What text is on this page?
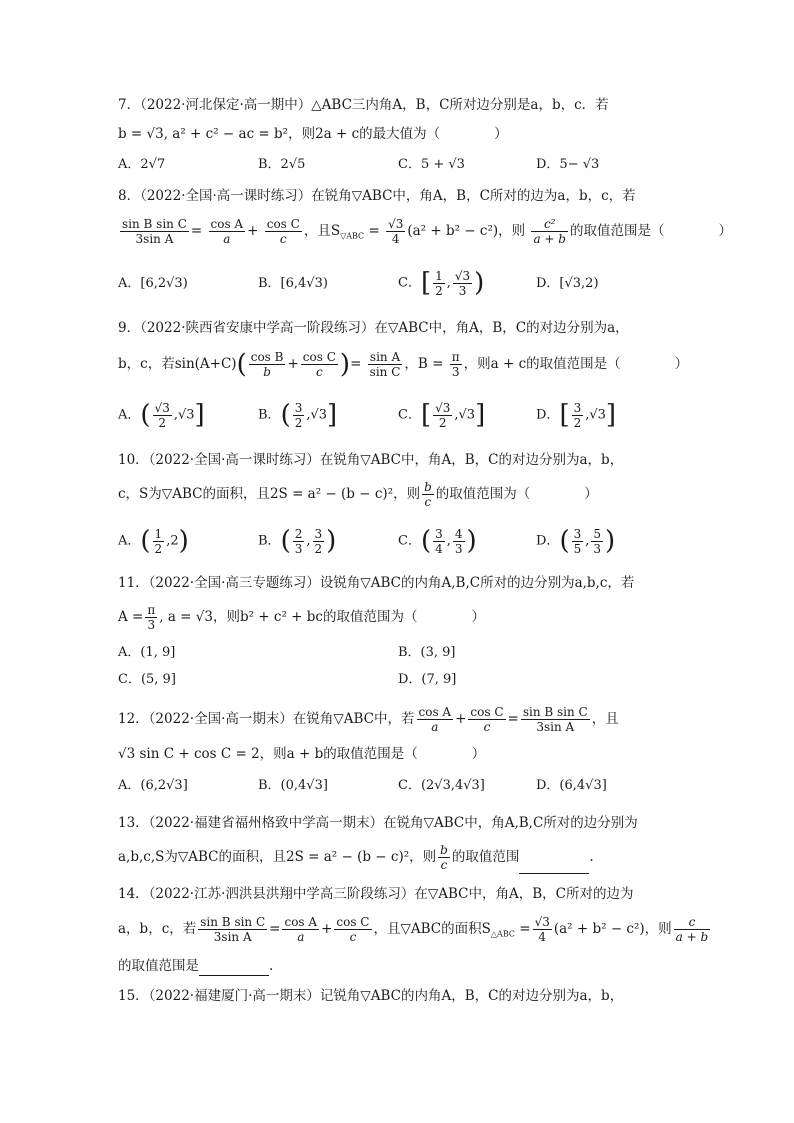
7．（2022·河北保定·高一期中）△ABC三内角A，B，C所对边分别是a，b，c．若
b = √3, a² + c² − ac = b²，则2a + c的最大值为（　　　　）
A．2√7	B．2√5	C．5 + √3	D．5− √3
8．（2022·全国·高一课时练习）在锐角▽ABC中，角A，B，C所对的边为a，b，c，若
$\frac{\text{sin B sin C}}{\text{3sin A}} = \frac{\text{cos A}}{a} + \frac{\text{cos C}}{c}$ ，且$S_{▽ABC} = \frac{√3}{4} (a^2 + b^2 - c^2)$，则 $\frac{\text{c²}}{a + b}$ 的取值范围是（　　　　）
A．[6,2√3)	B．[6,4√3)	C．[ $\frac{1}{2}$ , $\frac{√3}{3}$ )	D．[√3,2)
9．（2022·陕西省安康中学高一阶段练习）在▽ABC中，角A，B，C的对边分别为a，
b，c，若$\sin(A+C)( \frac{\text{cos B}}{b} + \frac{\text{cos C}}{c}$ )= $\frac{\text{sin A}}{\text{sin C}}$ ，$B = \frac{\pi}{3}$ ，则a + c的取值范围是（　　　　）
A．( $\frac{√3}{2} ,√3$]	B．( $\frac{3}{2} ,√3$]	C．[ $\frac{√3}{2} ,√3$]	D．[ $\frac{3}{2} ,√3$]
10．（2022·全国·高一课时练习）在锐角▽ABC中，角A，B，C的对边分别为a，b，
c，S为▽ABC的面积，且2S = a² − (b − c)²，则 $\frac{b}{c}$ 的取值范围为（　　　　）
A．( $\frac{1}{2} ,2$)	B．( $\frac{2}{3}$ , $\frac{3}{2}$ )	C．( $\frac{3}{4}$ , $\frac{4}{3}$ )	D．( $\frac{3}{5}$ , $\frac{5}{3}$ )
11．（2022·全国·高三专题练习）设锐角▽ABC的内角A,B,C所对的边分别为a,b,c，若
$A = \frac{\pi}{3}$ , a = √3，则b² + c² + bc的取值范围为（　　　　）
A．(1, 9]	B．(3, 9]
C．(5, 9]	D．(7, 9]
12．（2022·全国·高一期末）在锐角▽ABC中，若 $\frac{\text{cos A}}{a} + \frac{\text{cos C}}{c} = \frac{\text{sin B sin C}}{\text{3sin A}}$ ，且
√3 sin C + cos C = 2，则a + b的取值范围是（　　　　）
A．(6,2√3]	B．(0,4√3]	C．(2√3,4√3]	D．(6,4√3]
13．（2022·福建省福州格致中学高一期末）在锐角▽ABC中，角A,B,C所对的边分别为
a,b,c,S为▽ABC的面积，且2S = a² − (b − c)²，则 $\frac{b}{c}$ 的取值范围	.
14．（2022·江苏·泗洪县洪翔中学高三阶段练习）在▽ABC中，角A，B，C所对的边为
a，b，c，若 $\frac{\text{sin B sin C}}{\text{3sin A}} = \frac{\text{cos A}}{a} + \frac{\text{cos C}}{c}$ ，且▽ABC的面积$S_{\triangle ABC} = \frac{√3}{4} (a^2 + b^2 - c^2)$，则 $\frac{c}{a + b}$
的取值范围是	.
15．（2022·福建厦门·高一期末）记锐角▽ABC的内角A，B，C的对边分别为a，b，
